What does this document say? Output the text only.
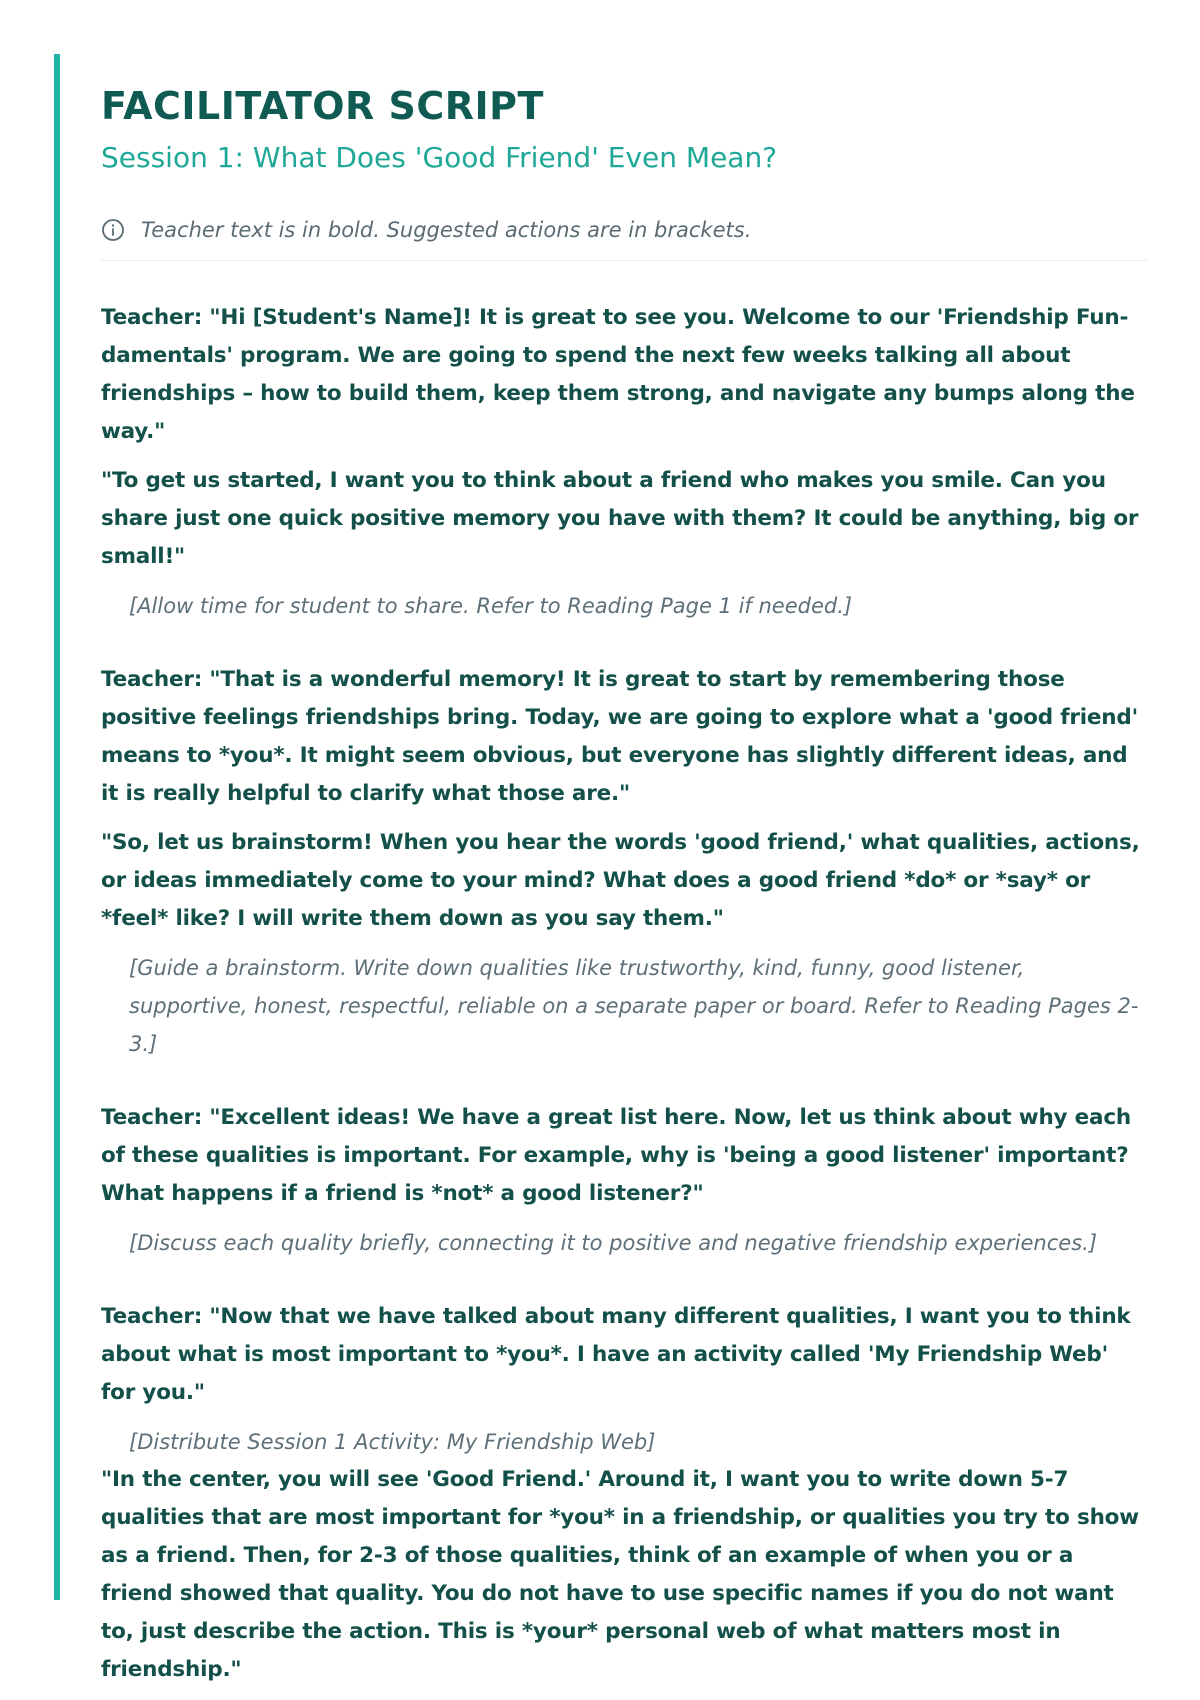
FACILITATOR SCRIPT
Session 1: What Does 'Good Friend' Even Mean?
Teacher text is in bold. Suggested actions are in brackets.

Teacher: "Hi [Student's Name]! It is great to see you. Welcome to our 'Friendship Fundamentals' program. We are going to spend the next few weeks talking all about friendships – how to build them, keep them strong, and navigate any bumps along the way."

"To get us started, I want you to think about a friend who makes you smile. Can you share just one quick positive memory you have with them? It could be anything, big or small!"

[Allow time for student to share. Refer to Reading Page 1 if needed.]

Teacher: "That is a wonderful memory! It is great to start by remembering those positive feelings friendships bring. Today, we are going to explore what a 'good friend' means to *you*. It might seem obvious, but everyone has slightly different ideas, and it is really helpful to clarify what those are."

"So, let us brainstorm! When you hear the words 'good friend,' what qualities, actions, or ideas immediately come to your mind? What does a good friend *do* or *say* or *feel* like? I will write them down as you say them."

[Guide a brainstorm. Write down qualities like trustworthy, kind, funny, good listener, supportive, honest, respectful, reliable on a separate paper or board. Refer to Reading Pages 2-3.]

Teacher: "Excellent ideas! We have a great list here. Now, let us think about why each of these qualities is important. For example, why is 'being a good listener' important? What happens if a friend is *not* a good listener?"

[Discuss each quality briefly, connecting it to positive and negative friendship experiences.]

Teacher: "Now that we have talked about many different qualities, I want you to think about what is most important to *you*. I have an activity called 'My Friendship Web' for you."

[Distribute Session 1 Activity: My Friendship Web]

"In the center, you will see 'Good Friend.' Around it, I want you to write down 5-7 qualities that are most important for *you* in a friendship, or qualities you try to show as a friend. Then, for 2-3 of those qualities, think of an example of when you or a friend showed that quality. You do not have to use specific names if you do not want to, just describe the action. This is *your* personal web of what matters most in friendship."
